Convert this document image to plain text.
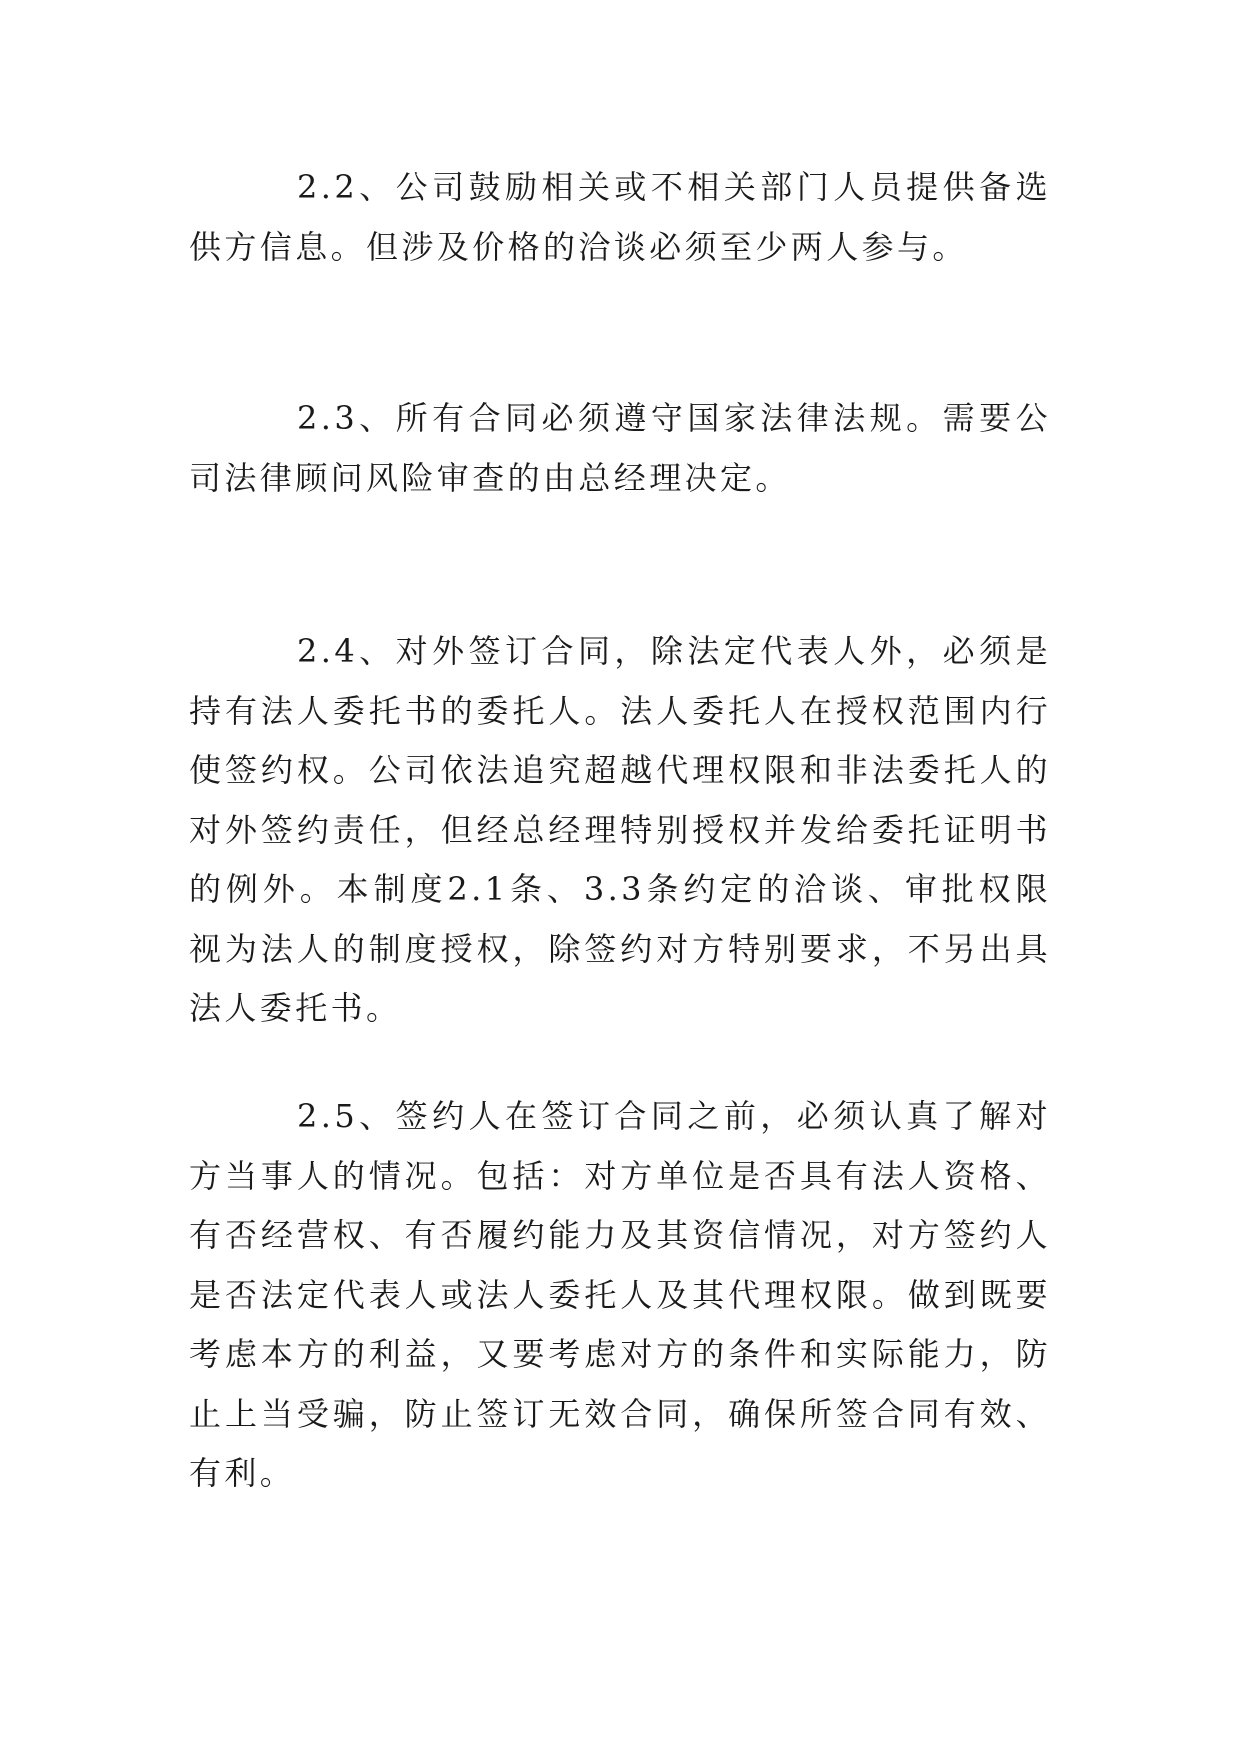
2.2、公司鼓励相关或不相关部门人员提供备选供方信息。但涉及价格的洽谈必须至少两人参与。

2.3、所有合同必须遵守国家法律法规。需要公司法律顾问风险审查的由总经理决定。

2.4、对外签订合同，除法定代表人外，必须是持有法人委托书的委托人。法人委托人在授权范围内行使签约权。公司依法追究超越代理权限和非法委托人的对外签约责任，但经总经理特别授权并发给委托证明书的例外。本制度2.1条、3.3条约定的洽谈、审批权限视为法人的制度授权，除签约对方特别要求，不另出具法人委托书。

2.5、签约人在签订合同之前，必须认真了解对方当事人的情况。包括：对方单位是否具有法人资格、有否经营权、有否履约能力及其资信情况，对方签约人是否法定代表人或法人委托人及其代理权限。做到既要考虑本方的利益，又要考虑对方的条件和实际能力，防止上当受骗，防止签订无效合同，确保所签合同有效、有利。
